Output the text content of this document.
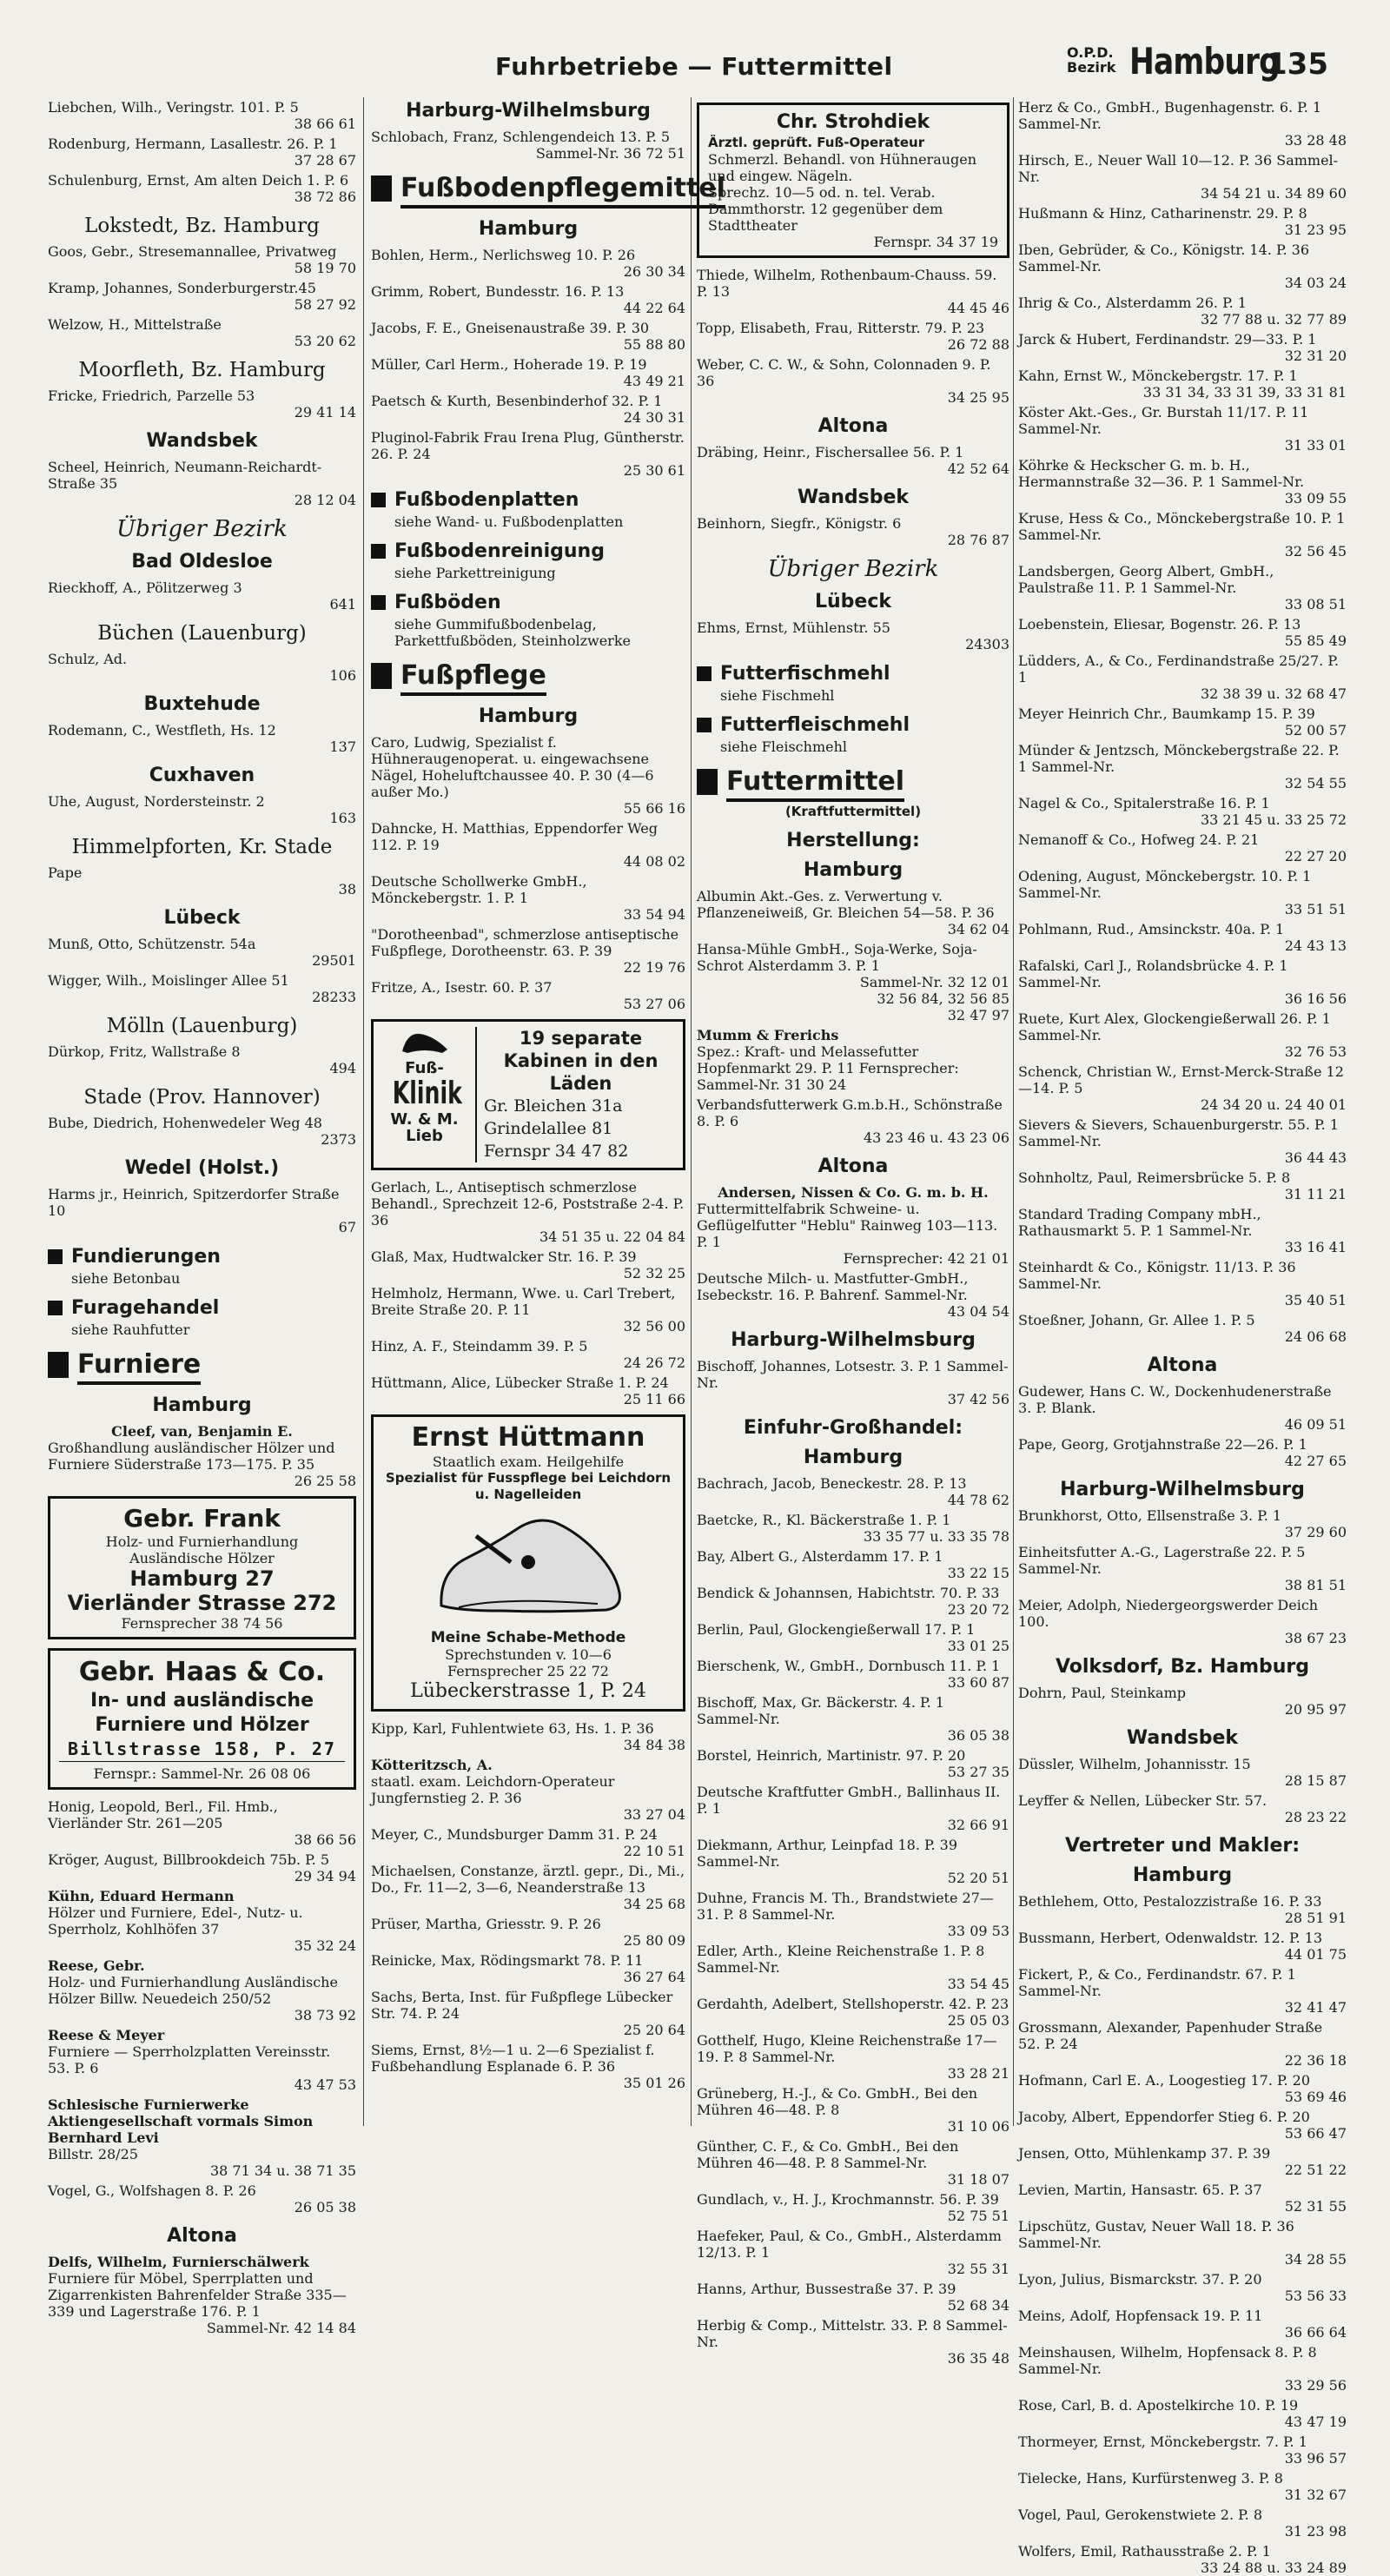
Fuhrbetriebe — Futtermittel	O.P.D.
Bezirk Hamburg
135
Liebchen, Wilh., Veringstr. 101. P. 5
38 66 61
Rodenburg, Hermann, Lasallestr. 26. P. 1
37 28 67
Schulenburg, Ernst, Am alten Deich 1. P. 6
38 72 86
Lokstedt, Bz. Hamburg
Goos, Gebr., Stresemannallee, Privatweg
58 19 70
Kramp, Johannes, Sonderburgerstr.45
58 27 92
Welzow, H., Mittelstraße
53 20 62
Moorfleth, Bz. Hamburg
Fricke, Friedrich, Parzelle 53
29 41 14
Wandsbek
Scheel, Heinrich, Neumann-Reichardt-Straße 35
28 12 04
Übriger Bezirk
Bad Oldesloe
Rieckhoff, A., Pölitzerweg 3
641
Büchen (Lauenburg)
Schulz, Ad.
106
Buxtehude
Rodemann, C., Westfleth, Hs. 12
137
Cuxhaven
Uhe, August, Nordersteinstr. 2
163
Himmelpforten, Kr. Stade
Pape
38
Lübeck
Munß, Otto, Schützenstr. 54a
29501
Wigger, Wilh., Moislinger Allee 51
28233
Mölln (Lauenburg)
Dürkop, Fritz, Wallstraße 8
494
Stade (Prov. Hannover)
Bube, Diedrich, Hohenwedeler Weg 48
2373
Wedel (Holst.)
Harms jr., Heinrich, Spitzerdorfer Straße 10
67
Fundierungen
siehe Betonbau
Furagehandel
siehe Rauhfutter
Furniere
Hamburg
Cleef, van, Benjamin E.
Großhandlung ausländischer Hölzer und Furniere Süderstraße 173—175. P. 35
26 25 58
Gebr. Frank
Holz- und Furnierhandlung
Ausländische Hölzer
Hamburg 27
Vierländer Strasse 272
Fernsprecher 38 74 56
Gebr. Haas & Co.
In- und ausländische
Furniere und Hölzer
Billstrasse 158, P. 27
Fernspr.: Sammel-Nr. 26 08 06
Honig, Leopold, Berl., Fil. Hmb., Vierländer Str. 261—205
38 66 56
Kröger, August, Billbrookdeich 75b. P. 5
29 34 94
Kühn, Eduard Hermann
Hölzer und Furniere, Edel-, Nutz- u. Sperrholz, Kohlhöfen 37
35 32 24
Reese, Gebr.
Holz- und Furnierhandlung Ausländische Hölzer Billw. Neuedeich 250/52
38 73 92
Reese & Meyer
Furniere — Sperrholzplatten Vereinsstr. 53. P. 6
43 47 53
Schlesische Furnierwerke Aktiengesellschaft vormals Simon Bernhard Levi
Billstr. 28/25
38 71 34 u. 38 71 35
Vogel, G., Wolfshagen 8. P. 26
26 05 38
Altona
Delfs, Wilhelm, Furnierschälwerk
Furniere für Möbel, Sperrplatten und Zigarrenkisten Bahrenfelder Straße 335—339 und Lagerstraße 176. P. 1
Sammel-Nr. 42 14 84
Harburg-Wilhelmsburg
Schlobach, Franz, Schlengendeich 13. P. 5
Sammel-Nr. 36 72 51
Fußbodenpflegemittel
Hamburg
Bohlen, Herm., Nerlichsweg 10. P. 26
26 30 34
Grimm, Robert, Bundesstr. 16. P. 13
44 22 64
Jacobs, F. E., Gneisenaustraße 39. P. 30
55 88 80
Müller, Carl Herm., Hoherade 19. P. 19
43 49 21
Paetsch & Kurth, Besenbinderhof 32. P. 1
24 30 31
Pluginol-Fabrik Frau Irena Plug, Güntherstr. 26. P. 24
25 30 61
Fußbodenplatten
siehe Wand- u. Fußbodenplatten
Fußbodenreinigung
siehe Parkettreinigung
Fußböden
siehe Gummifußbodenbelag, Parkettfußböden, Steinholzwerke
Fußpflege
Hamburg
Caro, Ludwig, Spezialist f. Hühneraugenoperat. u. eingewachsene Nägel, Hoheluftchaussee 40. P. 30 (4—6 außer Mo.)
55 66 16
Dahncke, H. Matthias, Eppendorfer Weg 112. P. 19
44 08 02
Deutsche Schollwerke GmbH., Mönckebergstr. 1. P. 1
33 54 94
"Dorotheenbad", schmerzlose antiseptische Fußpflege, Dorotheenstr. 63. P. 39
22 19 76
Fritze, A., Isestr. 60. P. 37
53 27 06
Fuß-
Klinik
W. & M.
Lieb
19 separate Kabinen in den Läden
Gr. Bleichen 31a
Grindelallee 81
Fernspr 34 47 82
Gerlach, L., Antiseptisch schmerzlose Behandl., Sprechzeit 12-6, Poststraße 2-4. P. 36
34 51 35 u. 22 04 84
Glaß, Max, Hudtwalcker Str. 16. P. 39
52 32 25
Helmholz, Hermann, Wwe. u. Carl Trebert, Breite Straße 20. P. 11
32 56 00
Hinz, A. F., Steindamm 39. P. 5
24 26 72
Hüttmann, Alice, Lübecker Straße 1. P. 24
25 11 66
Ernst Hüttmann
Staatlich exam. Heilgehilfe
Spezialist für Fusspflege bei Leichdorn u. Nagelleiden
Meine Schabe-Methode
Sprechstunden v. 10—6
Fernsprecher 25 22 72
Lübeckerstrasse 1, P. 24
Kipp, Karl, Fuhlentwiete 63, Hs. 1. P. 36
34 84 38
Kötteritzsch, A.
staatl. exam. Leichdorn-Operateur Jungfernstieg 2. P. 36
33 27 04
Meyer, C., Mundsburger Damm 31. P. 24
22 10 51
Michaelsen, Constanze, ärztl. gepr., Di., Mi., Do., Fr. 11—2, 3—6, Neanderstraße 13
34 25 68
Prüser, Martha, Griesstr. 9. P. 26
25 80 09
Reinicke, Max, Rödingsmarkt 78. P. 11
36 27 64
Sachs, Berta, Inst. für Fußpflege Lübecker Str. 74. P. 24
25 20 64
Siems, Ernst, 8½—1 u. 2—6 Spezialist f. Fußbehandlung Esplanade 6. P. 36
35 01 26
Chr. Strohdiek
Ärztl. geprüft. Fuß-Operateur
Schmerzl. Behandl. von Hühneraugen und eingew. Nägeln.
Sprechz. 10—5 od. n. tel. Verab.
Dammthorstr. 12 gegenüber dem Stadttheater
Fernspr. 34 37 19
Thiede, Wilhelm, Rothenbaum-Chauss. 59. P. 13
44 45 46
Topp, Elisabeth, Frau, Ritterstr. 79. P. 23
26 72 88
Weber, C. C. W., & Sohn, Colonnaden 9. P. 36
34 25 95
Altona
Dräbing, Heinr., Fischersallee 56. P. 1
42 52 64
Wandsbek
Beinhorn, Siegfr., Königstr. 6
28 76 87
Übriger Bezirk
Lübeck
Ehms, Ernst, Mühlenstr. 55
24303
Futterfischmehl
siehe Fischmehl
Futterfleischmehl
siehe Fleischmehl
Futtermittel
(Kraftfuttermittel)
Herstellung:
Hamburg
Albumin Akt.-Ges. z. Verwertung v. Pflanzeneiweiß, Gr. Bleichen 54—58. P. 36
34 62 04
Hansa-Mühle GmbH., Soja-Werke, Soja-Schrot Alsterdamm 3. P. 1
Sammel-Nr. 32 12 01
32 56 84, 32 56 85
32 47 97
Mumm & Frerichs
Spez.: Kraft- und Melassefutter Hopfenmarkt 29. P. 11 Fernsprecher: Sammel-Nr. 31 30 24
Verbandsfutterwerk G.m.b.H., Schönstraße 8. P. 6
43 23 46 u. 43 23 06
Altona
Andersen, Nissen & Co. G. m. b. H.
Futtermittelfabrik Schweine- u. Geflügelfutter "Heblu" Rainweg 103—113. P. 1
Fernsprecher: 42 21 01
Deutsche Milch- u. Mastfutter-GmbH., Isebeckstr. 16. P. Bahrenf. Sammel-Nr.
43 04 54
Harburg-Wilhelmsburg
Bischoff, Johannes, Lotsestr. 3. P. 1 Sammel-Nr.
37 42 56
Einfuhr-Großhandel:
Hamburg
Bachrach, Jacob, Beneckestr. 28. P. 13
44 78 62
Baetcke, R., Kl. Bäckerstraße 1. P. 1
33 35 77 u. 33 35 78
Bay, Albert G., Alsterdamm 17. P. 1
33 22 15
Bendick & Johannsen, Habichtstr. 70. P. 33
23 20 72
Berlin, Paul, Glockengießerwall 17. P. 1
33 01 25
Bierschenk, W., GmbH., Dornbusch 11. P. 1
33 60 87
Bischoff, Max, Gr. Bäckerstr. 4. P. 1 Sammel-Nr.
36 05 38
Borstel, Heinrich, Martinistr. 97. P. 20
53 27 35
Deutsche Kraftfutter GmbH., Ballinhaus II. P. 1
32 66 91
Diekmann, Arthur, Leinpfad 18. P. 39 Sammel-Nr.
52 20 51
Duhne, Francis M. Th., Brandstwiete 27—31. P. 8 Sammel-Nr.
33 09 53
Edler, Arth., Kleine Reichenstraße 1. P. 8 Sammel-Nr.
33 54 45
Gerdahth, Adelbert, Stellshoperstr. 42. P. 23
25 05 03
Gotthelf, Hugo, Kleine Reichenstraße 17—19. P. 8 Sammel-Nr.
33 28 21
Grüneberg, H.-J., & Co. GmbH., Bei den Mühren 46—48. P. 8
31 10 06
Günther, C. F., & Co. GmbH., Bei den Mühren 46—48. P. 8 Sammel-Nr.
31 18 07
Gundlach, v., H. J., Krochmannstr. 56. P. 39
52 75 51
Haefeker, Paul, & Co., GmbH., Alsterdamm 12/13. P. 1
32 55 31
Hanns, Arthur, Bussestraße 37. P. 39
52 68 34
Herbig & Comp., Mittelstr. 33. P. 8 Sammel-Nr.
36 35 48
Herz & Co., GmbH., Bugenhagenstr. 6. P. 1 Sammel-Nr.
33 28 48
Hirsch, E., Neuer Wall 10—12. P. 36 Sammel-Nr.
34 54 21 u. 34 89 60
Hußmann & Hinz, Catharinenstr. 29. P. 8
31 23 95
Iben, Gebrüder, & Co., Königstr. 14. P. 36 Sammel-Nr.
34 03 24
Ihrig & Co., Alsterdamm 26. P. 1
32 77 88 u. 32 77 89
Jarck & Hubert, Ferdinandstr. 29—33. P. 1
32 31 20
Kahn, Ernst W., Mönckebergstr. 17. P. 1
33 31 34, 33 31 39, 33 31 81
Köster Akt.-Ges., Gr. Burstah 11/17. P. 11 Sammel-Nr.
31 33 01
Köhrke & Heckscher G. m. b. H., Hermannstraße 32—36. P. 1 Sammel-Nr.
33 09 55
Kruse, Hess & Co., Mönckebergstraße 10. P. 1 Sammel-Nr.
32 56 45
Landsbergen, Georg Albert, GmbH., Paulstraße 11. P. 1 Sammel-Nr.
33 08 51
Loebenstein, Eliesar, Bogenstr. 26. P. 13
55 85 49
Lüdders, A., & Co., Ferdinandstraße 25/27. P. 1
32 38 39 u. 32 68 47
Meyer Heinrich Chr., Baumkamp 15. P. 39
52 00 57
Münder & Jentzsch, Mönckebergstraße 22. P. 1 Sammel-Nr.
32 54 55
Nagel & Co., Spitalerstraße 16. P. 1
33 21 45 u. 33 25 72
Nemanoff & Co., Hofweg 24. P. 21
22 27 20
Odening, August, Mönckebergstr. 10. P. 1 Sammel-Nr.
33 51 51
Pohlmann, Rud., Amsinckstr. 40a. P. 1
24 43 13
Rafalski, Carl J., Rolandsbrücke 4. P. 1 Sammel-Nr.
36 16 56
Ruete, Kurt Alex, Glockengießerwall 26. P. 1 Sammel-Nr.
32 76 53
Schenck, Christian W., Ernst-Merck-Straße 12—14. P. 5
24 34 20 u. 24 40 01
Sievers & Sievers, Schauenburgerstr. 55. P. 1 Sammel-Nr.
36 44 43
Sohnholtz, Paul, Reimersbrücke 5. P. 8
31 11 21
Standard Trading Company mbH., Rathausmarkt 5. P. 1 Sammel-Nr.
33 16 41
Steinhardt & Co., Königstr. 11/13. P. 36 Sammel-Nr.
35 40 51
Stoeßner, Johann, Gr. Allee 1. P. 5
24 06 68
Altona
Gudewer, Hans C. W., Dockenhudenerstraße 3. P. Blank.
46 09 51
Pape, Georg, Grotjahnstraße 22—26. P. 1
42 27 65
Harburg-Wilhelmsburg
Brunkhorst, Otto, Ellsenstraße 3. P. 1
37 29 60
Einheitsfutter A.-G., Lagerstraße 22. P. 5 Sammel-Nr.
38 81 51
Meier, Adolph, Niedergeorgswerder Deich 100.
38 67 23
Volksdorf, Bz. Hamburg
Dohrn, Paul, Steinkamp
20 95 97
Wandsbek
Düssler, Wilhelm, Johannisstr. 15
28 15 87
Leyffer & Nellen, Lübecker Str. 57.
28 23 22
Vertreter und Makler:
Hamburg
Bethlehem, Otto, Pestalozzistraße 16. P. 33
28 51 91
Bussmann, Herbert, Odenwaldstr. 12. P. 13
44 01 75
Fickert, P., & Co., Ferdinandstr. 67. P. 1 Sammel-Nr.
32 41 47
Grossmann, Alexander, Papenhuder Straße 52. P. 24
22 36 18
Hofmann, Carl E. A., Loogestieg 17. P. 20
53 69 46
Jacoby, Albert, Eppendorfer Stieg 6. P. 20
53 66 47
Jensen, Otto, Mühlenkamp 37. P. 39
22 51 22
Levien, Martin, Hansastr. 65. P. 37
52 31 55
Lipschütz, Gustav, Neuer Wall 18. P. 36 Sammel-Nr.
34 28 55
Lyon, Julius, Bismarckstr. 37. P. 20
53 56 33
Meins, Adolf, Hopfensack 19. P. 11
36 66 64
Meinshausen, Wilhelm, Hopfensack 8. P. 8 Sammel-Nr.
33 29 56
Rose, Carl, B. d. Apostelkirche 10. P. 19
43 47 19
Thormeyer, Ernst, Mönckebergstr. 7. P. 1
33 96 57
Tielecke, Hans, Kurfürstenweg 3. P. 8
31 32 67
Vogel, Paul, Gerokenstwiete 2. P. 8
31 23 98
Wolfers, Emil, Rathausstraße 2. P. 1
33 24 88 u. 33 24 89
